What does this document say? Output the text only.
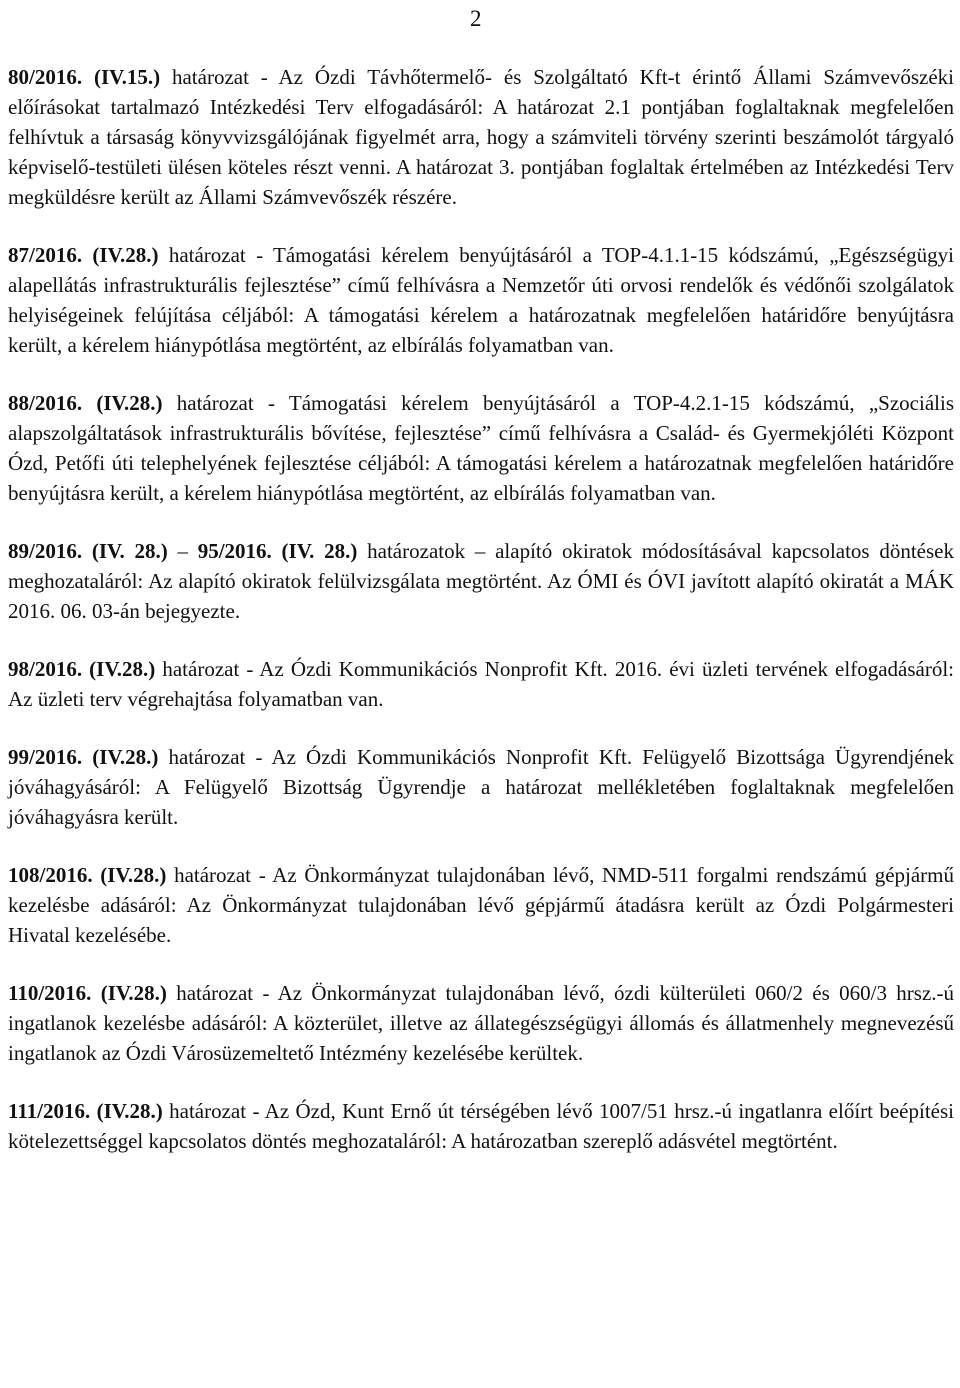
2

80/2016. (IV.15.) határozat - Az Ózdi Távhőtermelő- és Szolgáltató Kft-t érintő Állami Számvevőszéki előírásokat tartalmazó Intézkedési Terv elfogadásáról: A határozat 2.1 pontjában foglaltaknak megfelelően felhívtuk a társaság könyvvizsgálójának figyelmét arra, hogy a számviteli törvény szerinti beszámolót tárgyaló képviselő-testületi ülésen köteles részt venni. A határozat 3. pontjában foglaltak értelmében az Intézkedési Terv megküldésre került az Állami Számvevőszék részére.

87/2016. (IV.28.) határozat - Támogatási kérelem benyújtásáról a TOP-4.1.1-15 kódszámú, „Egészségügyi alapellátás infrastrukturális fejlesztése” című felhívásra a Nemzetőr úti orvosi rendelők és védőnői szolgálatok helyiségeinek felújítása céljából: A támogatási kérelem a határozatnak megfelelően határidőre benyújtásra került, a kérelem hiánypótlása megtörtént, az elbírálás folyamatban van.

88/2016. (IV.28.) határozat - Támogatási kérelem benyújtásáról a TOP-4.2.1-15 kódszámú, „Szociális alapszolgáltatások infrastrukturális bővítése, fejlesztése” című felhívásra a Család- és Gyermekjóléti Központ Ózd, Petőfi úti telephelyének fejlesztése céljából: A támogatási kérelem a határozatnak megfelelően határidőre benyújtásra került, a kérelem hiánypótlása megtörtént, az elbírálás folyamatban van.

89/2016. (IV. 28.) – 95/2016. (IV. 28.) határozatok – alapító okiratok módosításával kapcsolatos döntések meghozataláról: Az alapító okiratok felülvizsgálata megtörtént. Az ÓMI és ÓVI javított alapító okiratát a MÁK 2016. 06. 03-án bejegyezte.

98/2016. (IV.28.) határozat - Az Ózdi Kommunikációs Nonprofit Kft. 2016. évi üzleti tervének elfogadásáról: Az üzleti terv végrehajtása folyamatban van.

99/2016. (IV.28.) határozat - Az Ózdi Kommunikációs Nonprofit Kft. Felügyelő Bizottsága Ügyrendjének jóváhagyásáról: A Felügyelő Bizottság Ügyrendje a határozat mellékletében foglaltaknak megfelelően jóváhagyásra került.

108/2016. (IV.28.) határozat - Az Önkormányzat tulajdonában lévő, NMD-511 forgalmi rendszámú gépjármű kezelésbe adásáról: Az Önkormányzat tulajdonában lévő gépjármű átadásra került az Ózdi Polgármesteri Hivatal kezelésébe.

110/2016. (IV.28.) határozat - Az Önkormányzat tulajdonában lévő, ózdi külterületi 060/2 és 060/3 hrsz.-ú ingatlanok kezelésbe adásáról: A közterület, illetve az állategészségügyi állomás és állatmenhely megnevezésű ingatlanok az Ózdi Városüzemeltető Intézmény kezelésébe kerültek.

111/2016. (IV.28.) határozat - Az Ózd, Kunt Ernő út térségében lévő 1007/51 hrsz.-ú ingatlanra előírt beépítési kötelezettséggel kapcsolatos döntés meghozataláról: A határozatban szereplő adásvétel megtörtént.
